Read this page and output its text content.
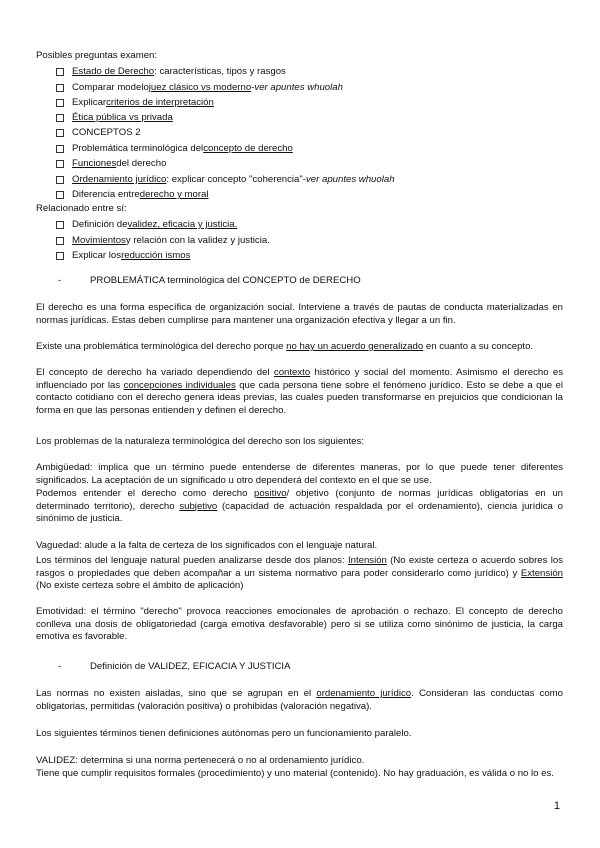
Posibles preguntas examen:
Estado de Derecho : características, tipos y rasgos
Comparar modelo juez clásico vs moderno - ver apuntes whuolah
Explicar criterios de interpretación
Ética pública vs privada
CONCEPTOS 2
Problemática terminológica del concepto de derecho
Funciones del derecho
Ordenamiento jurídico : explicar concepto "coherencia"- ver apuntes whuolah
Diferencia entre derecho y moral
Relacionado entre sí:
Definición de validez, eficacia y justicia.
Movimientos y relación con la validez y justicia.
Explicar los reducción ismos
-	PROBLEMÁTICA terminológica del CONCEPTO de DERECHO
El derecho es una forma específica de organización social. Interviene a través de pautas de conducta materializadas en normas jurídicas. Estas deben cumplirse para mantener una organización efectiva y llegar a un fin.
Existe una problemática terminológica del derecho porque no hay un acuerdo generalizado en cuanto a su concepto.
El concepto de derecho ha variado dependiendo del contexto histórico y social del momento. Asimismo el derecho es influenciado por las concepciones individuales que cada persona tiene sobre el fenómeno jurídico. Esto se debe a que el contacto cotidiano con el derecho genera ideas previas, las cuales pueden transformarse en prejuicios que condicionan la forma en que las personas entienden y definen el derecho.
Los problemas de la naturaleza terminológica del derecho son los siguientes:
Ambigüedad: implica que un término puede entenderse de diferentes maneras, por lo que puede tener diferentes significados. La aceptación de un significado u otro dependerá del contexto en el que se use.
Podemos entender el derecho como derecho positivo/ objetivo (conjunto de normas jurídicas obligatorias en un determinado territorio), derecho subjetivo (capacidad de actuación respaldada por el ordenamiento), ciencia jurídica o sinónimo de justicia.
Vaguedad: alude a la falta de certeza de los significados con el lenguaje natural.
Los términos del lenguaje natural pueden analizarse desde dos planos: Intensión (No existe certeza o acuerdo sobres los rasgos o propiedades que deben acompañar a un sistema normativo para poder considerarlo como jurídico) y Extensión (No existe certeza sobre el ámbito de aplicación)
Emotividad: el término "derecho" provoca reacciones emocionales de aprobación o rechazo. El concepto de derecho conlleva una dosis de obligatoriedad (carga emotiva desfavorable) pero si se utiliza como sinónimo de justicia, la carga emotiva es favorable.
-	Definición de VALIDEZ, EFICACIA Y JUSTICIA
Las normas no existen aisladas, sino que se agrupan en el ordenamiento jurídico. Consideran las conductas como obligatorias, permitidas (valoración positiva) o prohibidas (valoración negativa).
Los siguientes términos tienen definiciones autónomas pero un funcionamiento paralelo.
VALIDEZ: determina si una norma pertenecerá o no al ordenamiento jurídico.
Tiene que cumplir requisitos formales (procedimiento) y uno material (contenido). No hay graduación, es válida o no lo es.
1
